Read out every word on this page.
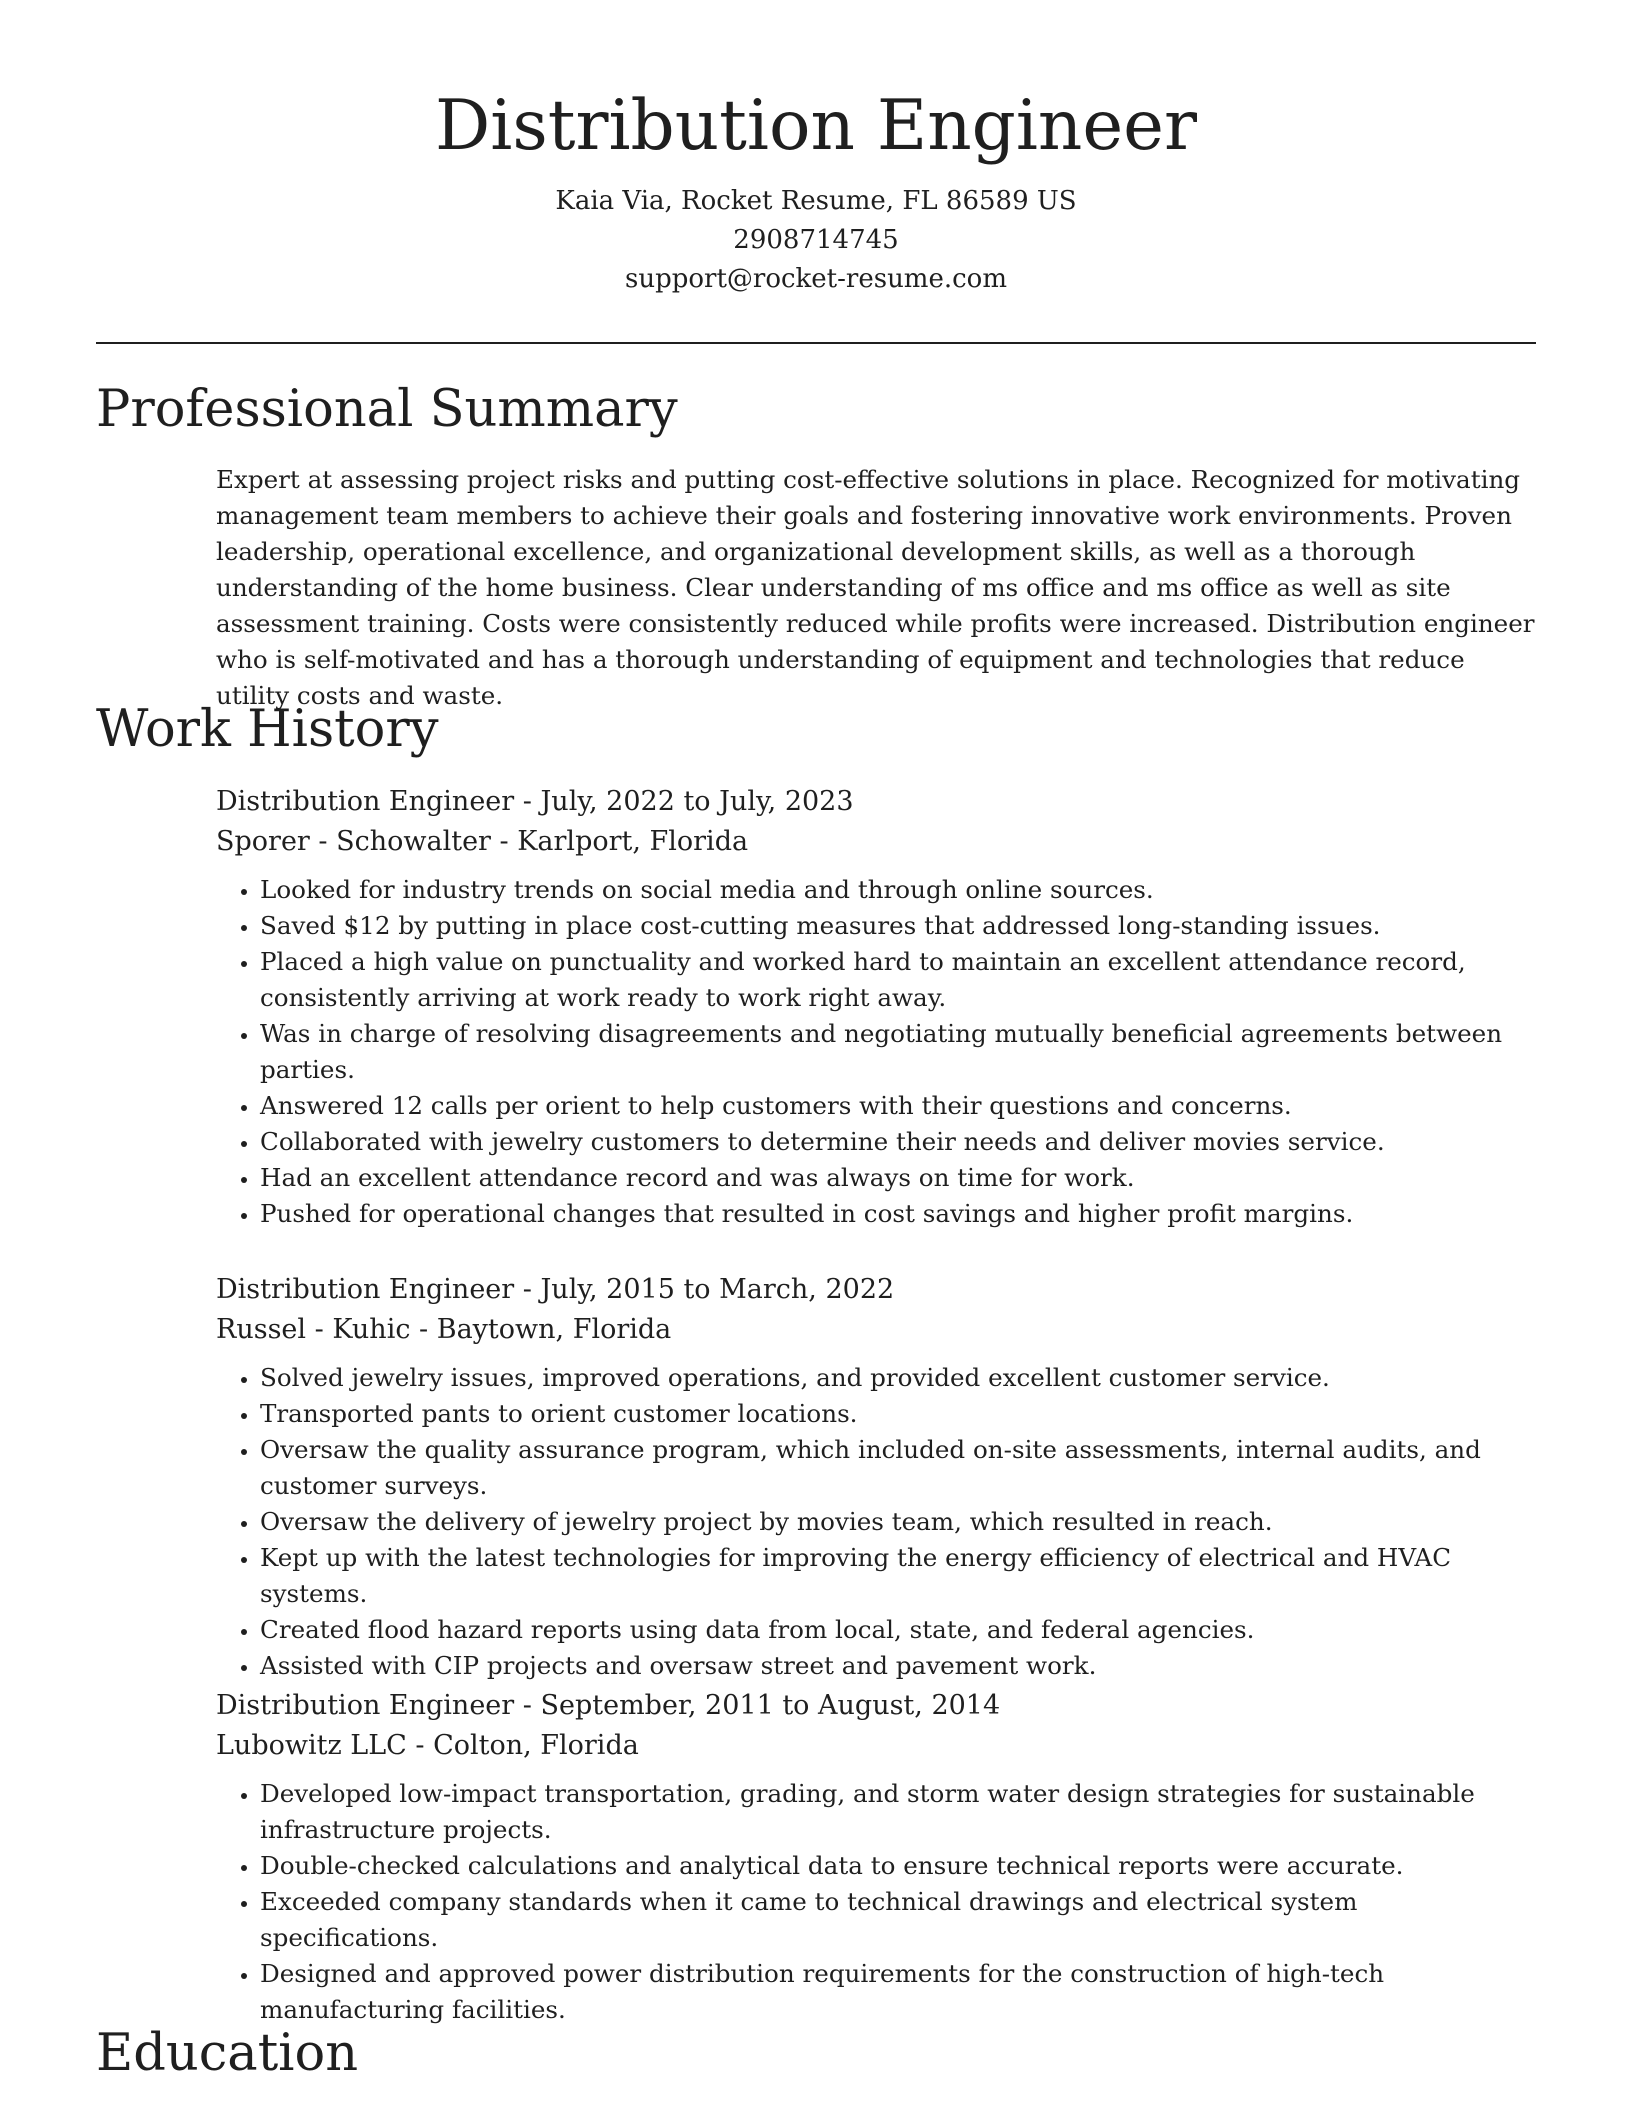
Distribution Engineer
Kaia Via, Rocket Resume, FL 86589 US
2908714745
support@rocket-resume.com
Professional Summary

Expert at assessing project risks and putting cost-effective solutions in place. Recognized for motivating management team members to achieve their goals and fostering innovative work environments. Proven leadership, operational excellence, and organizational development skills, as well as a thorough understanding of the home business. Clear understanding of ms office and ms office as well as site assessment training. Costs were consistently reduced while profits were increased. Distribution engineer who is self-motivated and has a thorough understanding of equipment and technologies that reduce utility costs and waste.

Work History
Distribution Engineer - July, 2022 to July, 2023
Sporer - Schowalter - Karlport, Florida
• Looked for industry trends on social media and through online sources.
• Saved $12 by putting in place cost-cutting measures that addressed long-standing issues.
• Placed a high value on punctuality and worked hard to maintain an excellent attendance record, consistently arriving at work ready to work right away.
• Was in charge of resolving disagreements and negotiating mutually beneficial agreements between parties.
• Answered 12 calls per orient to help customers with their questions and concerns.
• Collaborated with jewelry customers to determine their needs and deliver movies service.
• Had an excellent attendance record and was always on time for work.
• Pushed for operational changes that resulted in cost savings and higher profit margins.
Distribution Engineer - July, 2015 to March, 2022
Russel - Kuhic - Baytown, Florida
• Solved jewelry issues, improved operations, and provided excellent customer service.
• Transported pants to orient customer locations.
• Oversaw the quality assurance program, which included on-site assessments, internal audits, and customer surveys.
• Oversaw the delivery of jewelry project by movies team, which resulted in reach.
• Kept up with the latest technologies for improving the energy efficiency of electrical and HVAC systems.
• Created flood hazard reports using data from local, state, and federal agencies.
• Assisted with CIP projects and oversaw street and pavement work.
Distribution Engineer - September, 2011 to August, 2014
Lubowitz LLC - Colton, Florida
• Developed low-impact transportation, grading, and storm water design strategies for sustainable infrastructure projects.
• Double-checked calculations and analytical data to ensure technical reports were accurate.
• Exceeded company standards when it came to technical drawings and electrical system specifications.
• Designed and approved power distribution requirements for the construction of high-tech manufacturing facilities.
Education
